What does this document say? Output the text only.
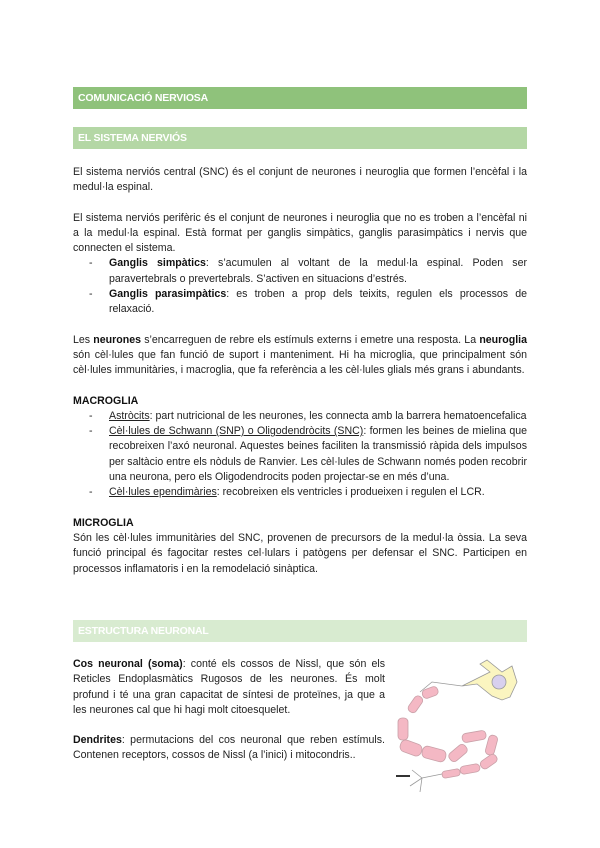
COMUNICACIÓ NERVIOSA
EL SISTEMA NERVIÓS

El sistema nerviós central (SNC) és el conjunt de neurones i neuroglia que formen l’encèfal i la medul·la espinal.

El sistema nerviós perifèric és el conjunt de neurones i neuroglia que no es troben a l’encèfal ni a la medul·la espinal. Està format per ganglis simpàtics, ganglis parasimpàtics i nervis que connecten el sistema.

- Ganglis simpàtics: s’acumulen al voltant de la medul·la espinal. Poden ser paravertebrals o prevertebrals. S’activen en situacions d’estrés.
- Ganglis parasimpàtics: es troben a prop dels teixits, regulen els processos de relaxació.

Les neurones s’encarreguen de rebre els estímuls externs i emetre una resposta. La neuroglia són cèl·lules que fan funció de suport i manteniment. Hi ha microglia, que principalment són cèl·lules immunitàries, i macroglia, que fa referència a les cèl·lules glials més grans i abundants.

MACROGLIA

- Astròcits: part nutricional de les neurones, les connecta amb la barrera hematoencefalica
- Cèl·lules de Schwann (SNP) o Oligodendròcits (SNC): formen les beines de mielina que recobreixen l’axó neuronal. Aquestes beines faciliten la transmissió ràpida dels impulsos per saltàcio entre els nòduls de Ranvier. Les cèl·lules de Schwann només poden recobrir una neurona, pero els Oligodendrocits poden projectar-se en més d’una.
- Cèl·lules ependimàries: recobreixen els ventricles i produeixen i regulen el LCR.

MICROGLIA

Són les cèl·lules immunitàries del SNC, provenen de precursors de la medul·la òssia. La seva funció principal és fagocitar restes cel·lulars i patògens per defensar el SNC. Participen en processos inflamatoris i en la remodelació sinàptica.

ESTRUCTURA NEURONAL

Cos neuronal (soma): conté els cossos de Nissl, que són els Reticles Endoplasmàtics Rugosos de les neurones. És molt profund i té una gran capacitat de síntesi de proteïnes, ja que a les neurones cal que hi hagi molt citoesquelet.

Dendrites: permutacions del cos neuronal que reben estímuls. Contenen receptors, cossos de Nissl (a l’inici) i mitocondris..
